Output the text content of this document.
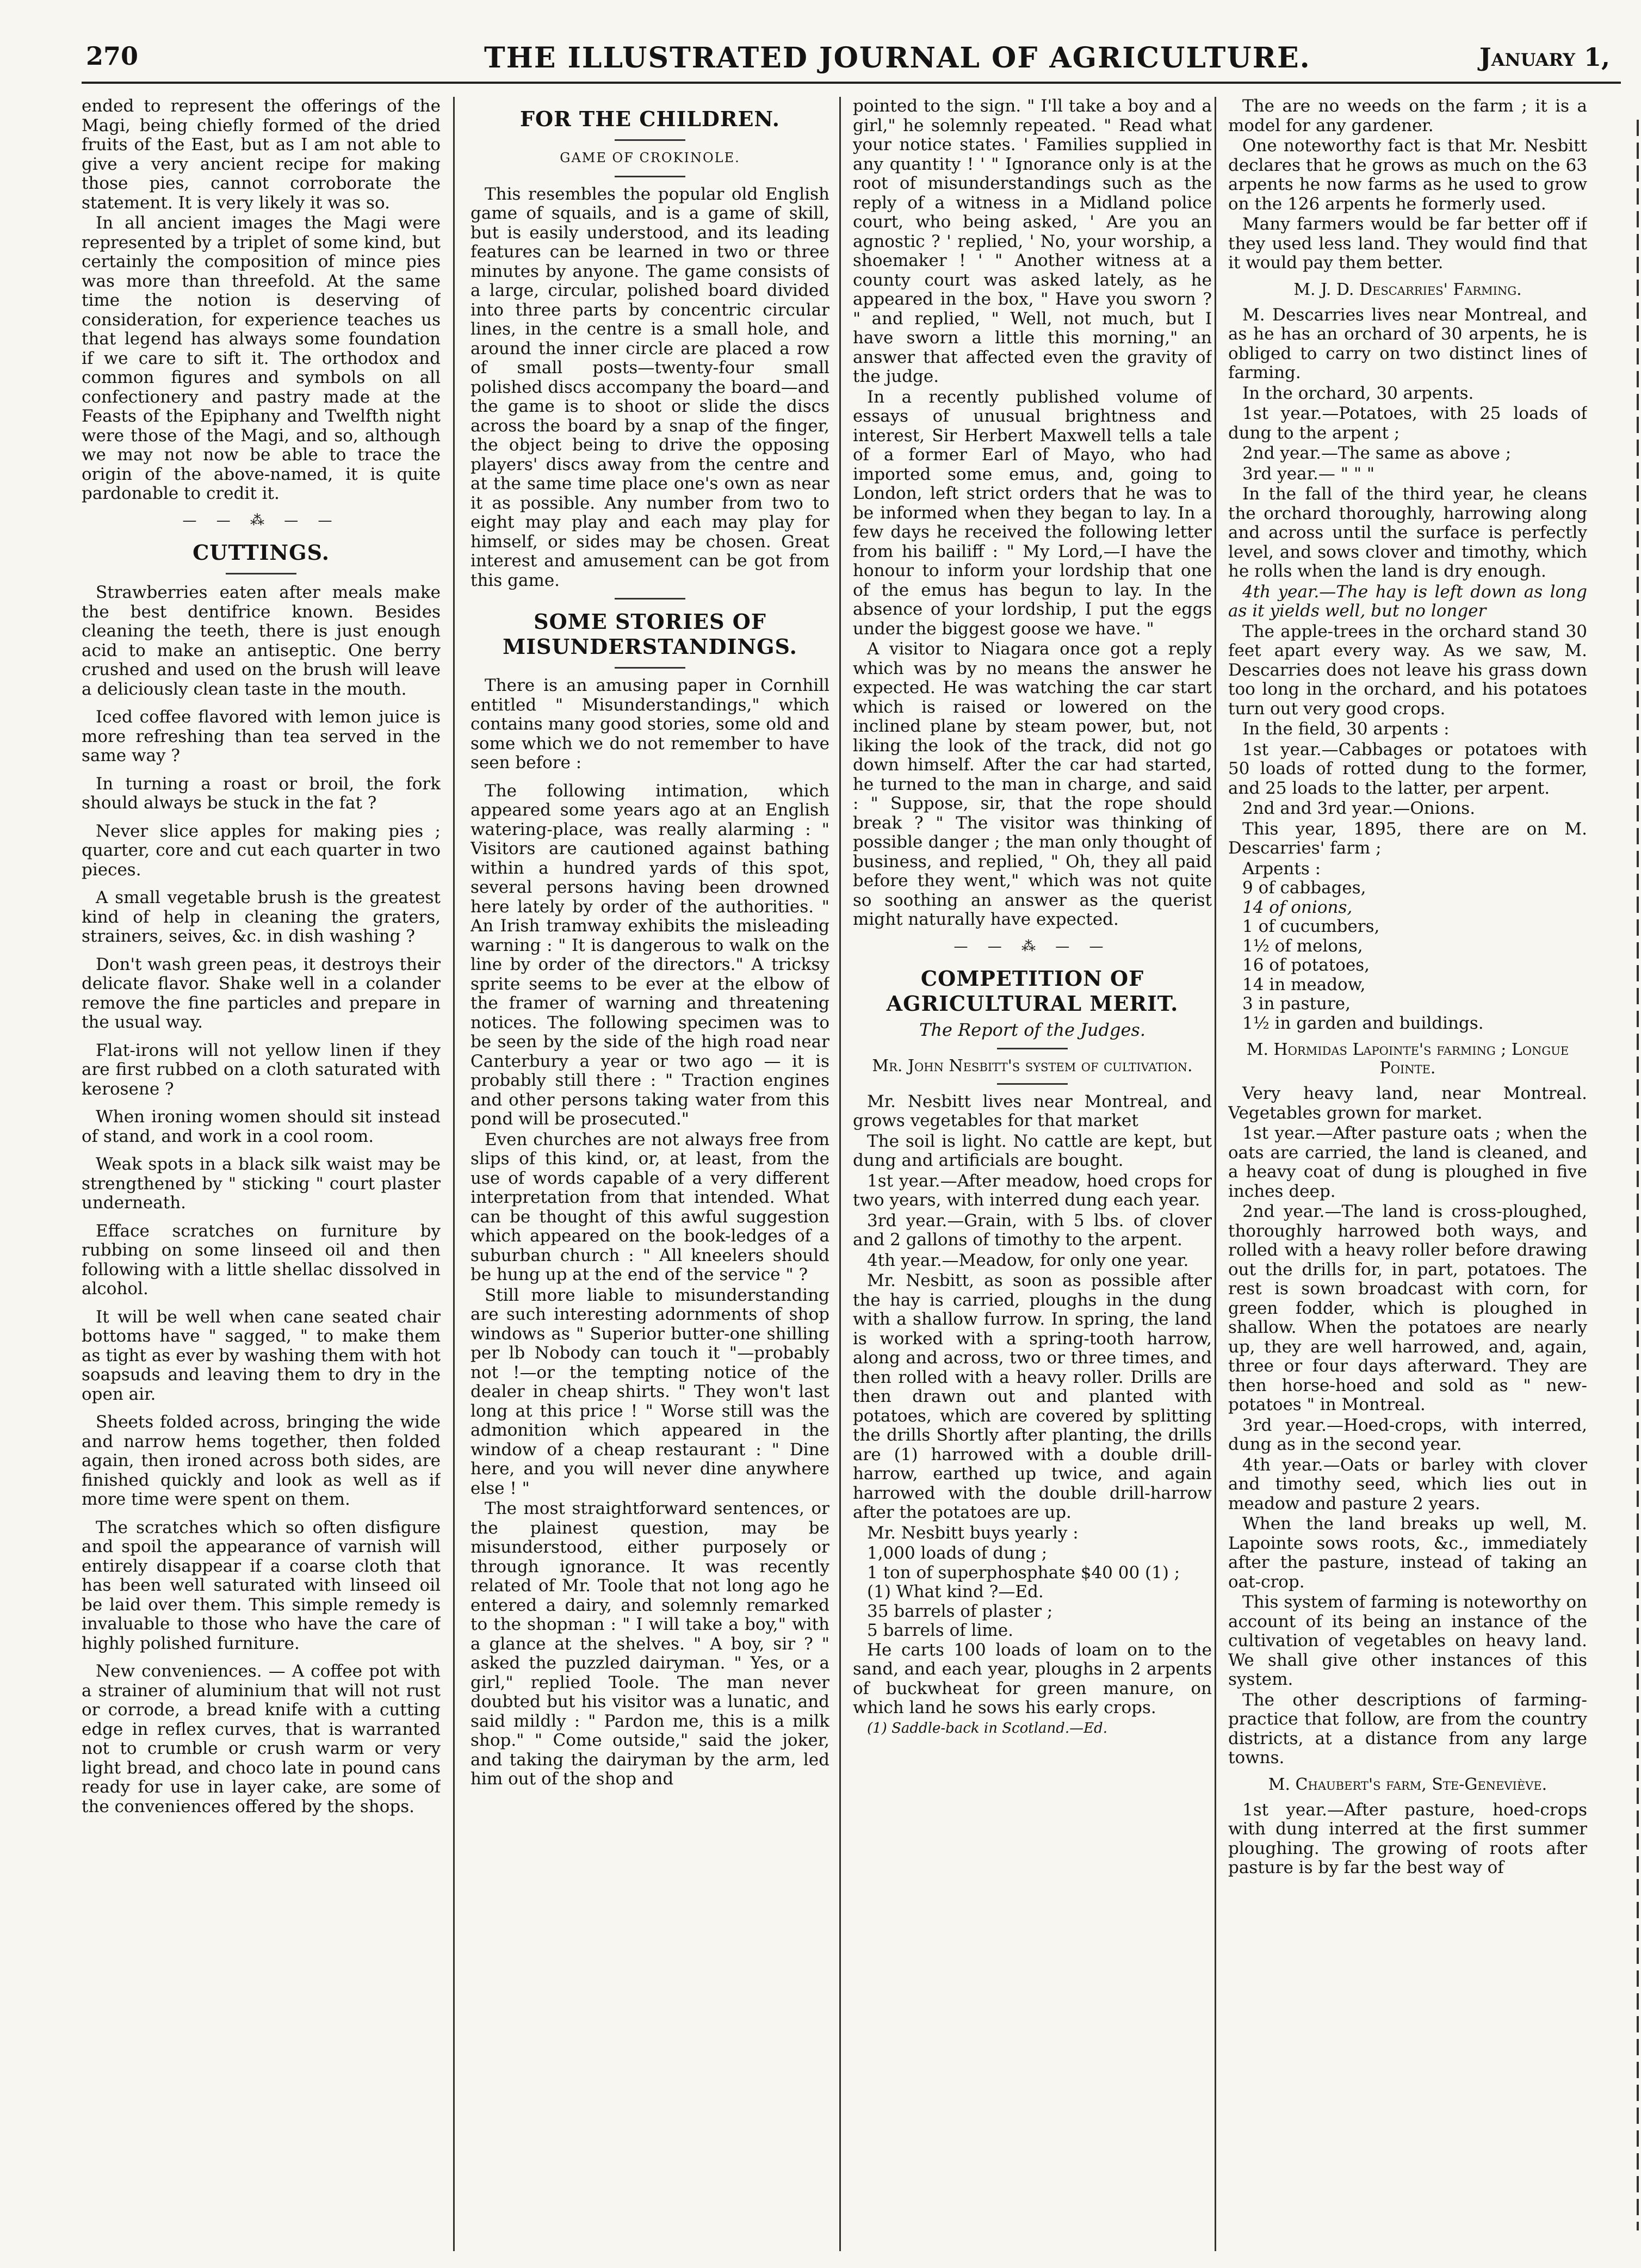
270	THE ILLUSTRATED JOURNAL OF AGRICULTURE.	January 1,

ended to represent the offerings of the Magi, being chiefly formed of the dried fruits of the East, but as I am not able to give a very ancient recipe for making those pies, cannot corroborate the statement. It is very likely it was so.

In all ancient images the Magi were represented by a triplet of some kind, but certainly the composition of mince pies was more than threefold. At the same time the notion is deserving of consideration, for experience teaches us that legend has always some foundation if we care to sift it. The orthodox and common figures and symbols on all confectionery and pastry made at the Feasts of the Epiphany and Twelfth night were those of the Magi, and so, although we may not now be able to trace the origin of the above-named, it is quite pardonable to credit it.

— — ⁂ — —
CUTTINGS.

Strawberries eaten after meals make the best dentifrice known. Besides cleaning the teeth, there is just enough acid to make an antiseptic. One berry crushed and used on the brush will leave a deliciously clean taste in the mouth.

Iced coffee flavored with lemon juice is more refreshing than tea served in the same way ?

In turning a roast or broil, the fork should always be stuck in the fat ?

Never slice apples for making pies ; quarter, core and cut each quarter in two pieces.

A small vegetable brush is the greatest kind of help in cleaning the graters, strainers, seives, &c. in dish washing ?

Don't wash green peas, it destroys their delicate flavor. Shake well in a colander remove the fine particles and prepare in the usual way.

Flat-irons will not yellow linen if they are first rubbed on a cloth saturated with kerosene ?

When ironing women should sit instead of stand, and work in a cool room.

Weak spots in a black silk waist may be strengthened by " sticking " court plaster underneath.

Efface scratches on furniture by rubbing on some linseed oil and then following with a little shellac dissolved in alcohol.

It will be well when cane seated chair bottoms have " sagged, " to make them as tight as ever by washing them with hot soapsuds and leaving them to dry in the open air.

Sheets folded across, bringing the wide and narrow hems together, then folded again, then ironed across both sides, are finished quickly and look as well as if more time were spent on them.

The scratches which so often disfigure and spoil the appearance of varnish will entirely disappear if a coarse cloth that has been well saturated with linseed oil be laid over them. This simple remedy is invaluable to those who have the care of highly polished furniture.

New conveniences. — A coffee pot with a strainer of aluminium that will not rust or corrode, a bread knife with a cutting edge in reflex curves, that is warranted not to crumble or crush warm or very light bread, and choco late in pound cans ready for use in layer cake, are some of the conveniences offered by the shops.

FOR THE CHILDREN.
GAME OF CROKINOLE.

This resembles the popular old English game of squails, and is a game of skill, but is easily understood, and its leading features can be learned in two or three minutes by anyone. The game consists of a large, circular, polished board divided into three parts by concentric circular lines, in the centre is a small hole, and around the inner circle are placed a row of small posts—twenty-four small polished discs accompany the board—and the game is to shoot or slide the discs across the board by a snap of the finger, the object being to drive the opposing players' discs away from the centre and at the same time place one's own as near it as possible. Any number from two to eight may play and each may play for himself, or sides may be chosen. Great interest and amusement can be got from this game.

SOME STORIES OF MISUNDERSTANDINGS.

There is an amusing paper in Cornhill entitled " Misunderstandings," which contains many good stories, some old and some which we do not remember to have seen before :

The following intimation, which appeared some years ago at an English watering-place, was really alarming : " Visitors are cautioned against bathing within a hundred yards of this spot, several persons having been drowned here lately by order of the authorities. " An Irish tramway exhibits the misleading warning : " It is dangerous to walk on the line by order of the directors." A tricksy sprite seems to be ever at the elbow of the framer of warning and threatening notices. The following specimen was to be seen by the side of the high road near Canterbury a year or two ago — it is probably still there : " Traction engines and other persons taking water from this pond will be prosecuted."

Even churches are not always free from slips of this kind, or, at least, from the use of words capable of a very different interpretation from that intended. What can be thought of this awful suggestion which appeared on the book-ledges of a suburban church : " All kneelers should be hung up at the end of the service " ?

Still more liable to misunderstanding are such interesting adornments of shop windows as " Superior butter-one shilling per lb Nobody can touch it "—probably not !—or the tempting notice of the dealer in cheap shirts. " They won't last long at this price ! " Worse still was the admonition which appeared in the window of a cheap restaurant : " Dine here, and you will never dine anywhere else ! "

The most straightforward sentences, or the plainest question, may be misunderstood, either purposely or through ignorance. It was recently related of Mr. Toole that not long ago he entered a dairy, and solemnly remarked to the shopman : " I will take a boy," with a glance at the shelves. " A boy, sir ? " asked the puzzled dairyman. " Yes, or a girl," replied Toole. The man never doubted but his visitor was a lunatic, and said mildly : " Pardon me, this is a milk shop." " Come outside," said the joker, and taking the dairyman by the arm, led him out of the shop and

pointed to the sign. " I'll take a boy and a girl," he solemnly repeated. " Read what your notice states. ' Families supplied in any quantity ! ' " Ignorance only is at the root of misunderstandings such as the reply of a witness in a Midland police court, who being asked, ' Are you an agnostic ? ' replied, ' No, your worship, a shoemaker ! ' " Another witness at a county court was asked lately, as he appeared in the box, " Have you sworn ? " and replied, " Well, not much, but I have sworn a little this morning," an answer that affected even the gravity of the judge.

In a recently published volume of essays of unusual brightness and interest, Sir Herbert Maxwell tells a tale of a former Earl of Mayo, who had imported some emus, and, going to London, left strict orders that he was to be informed when they began to lay. In a few days he received the following letter from his bailiff : " My Lord,—I have the honour to inform your lordship that one of the emus has begun to lay. In the absence of your lordship, I put the eggs under the biggest goose we have. "

A visitor to Niagara once got a reply which was by no means the answer he expected. He was watching the car start which is raised or lowered on the inclined plane by steam power, but, not liking the look of the track, did not go down himself. After the car had started, he turned to the man in charge, and said : " Suppose, sir, that the rope should break ? " The visitor was thinking of possible danger ; the man only thought of business, and replied, " Oh, they all paid before they went," which was not quite so soothing an answer as the querist might naturally have expected.

— — ⁂ — —
COMPETITION OF AGRICULTURAL MERIT.
The Report of the Judges.
Mr. John Nesbitt's system of cultivation.

Mr. Nesbitt lives near Montreal, and grows vegetables for that market

The soil is light. No cattle are kept, but dung and artificials are bought.

1st year.—After meadow, hoed crops for two years, with interred dung each year.

3rd year.—Grain, with 5 lbs. of clover and 2 gallons of timothy to the arpent.

4th year.—Meadow, for only one year.

Mr. Nesbitt, as soon as possible after the hay is carried, ploughs in the dung with a shallow furrow. In spring, the land is worked with a spring-tooth harrow, along and across, two or three times, and then rolled with a heavy roller. Drills are then drawn out and planted with potatoes, which are covered by splitting the drills Shortly after planting, the drills are (1) harrowed with a double drill-harrow, earthed up twice, and again harrowed with the double drill-harrow after the potatoes are up.

Mr. Nesbitt buys yearly :

1,000 loads of dung ;

1 ton of superphosphate $40 00 (1) ;

(1) What kind ?—Ed.

35 barrels of plaster ;

5 barrels of lime.

He carts 100 loads of loam on to the sand, and each year, ploughs in 2 arpents of buckwheat for green manure, on which land he sows his early crops.

(1) Saddle-back in Scotland.—Ed.

The are no weeds on the farm ; it is a model for any gardener.

One noteworthy fact is that Mr. Nesbitt declares that he grows as much on the 63 arpents he now farms as he used to grow on the 126 arpents he formerly used.

Many farmers would be far better off if they used less land. They would find that it would pay them better.

M. J. D. Descarries' Farming.

M. Descarries lives near Montreal, and as he has an orchard of 30 arpents, he is obliged to carry on two distinct lines of farming.

In the orchard, 30 arpents.

1st year.—Potatoes, with 25 loads of dung to the arpent ;

2nd year.—The same as above ;

3rd year.— " " "

In the fall of the third year, he cleans the orchard thoroughly, harrowing along and across until the surface is perfectly level, and sows clover and timothy, which he rolls when the land is dry enough.

4th year.—The hay is left down as long as it yields well, but no longer

The apple-trees in the orchard stand 30 feet apart every way. As we saw, M. Descarries does not leave his grass down too long in the orchard, and his potatoes turn out very good crops.

In the field, 30 arpents :

1st year.—Cabbages or potatoes with 50 loads of rotted dung to the former, and 25 loads to the latter, per arpent.

2nd and 3rd year.—Onions.

This year, 1895, there are on M. Descarries' farm ;

Arpents :

9 of cabbages,

14 of onions,

1 of cucumbers,

1½ of melons,

16 of potatoes,

14 in meadow,

3 in pasture,

1½ in garden and buildings.

M. Hormidas Lapointe's farming ; Longue Pointe.

Very heavy land, near Montreal. Vegetables grown for market.

1st year.—After pasture oats ; when the oats are carried, the land is cleaned, and a heavy coat of dung is ploughed in five inches deep.

2nd year.—The land is cross-ploughed, thoroughly harrowed both ways, and rolled with a heavy roller before drawing out the drills for, in part, potatoes. The rest is sown broadcast with corn, for green fodder, which is ploughed in shallow. When the potatoes are nearly up, they are well harrowed, and, again, three or four days afterward. They are then horse-hoed and sold as " new-potatoes " in Montreal.

3rd year.—Hoed-crops, with interred, dung as in the second year.

4th year.—Oats or barley with clover and timothy seed, which lies out in meadow and pasture 2 years.

When the land breaks up well, M. Lapointe sows roots, &c., immediately after the pasture, instead of taking an oat-crop.

This system of farming is noteworthy on account of its being an instance of the cultivation of vegetables on heavy land. We shall give other instances of this system.

The other descriptions of farming-practice that follow, are from the country districts, at a distance from any large towns.

M. Chaubert's farm, Ste-Geneviève.

1st year.—After pasture, hoed-crops with dung interred at the first summer ploughing. The growing of roots after pasture is by far the best way of
